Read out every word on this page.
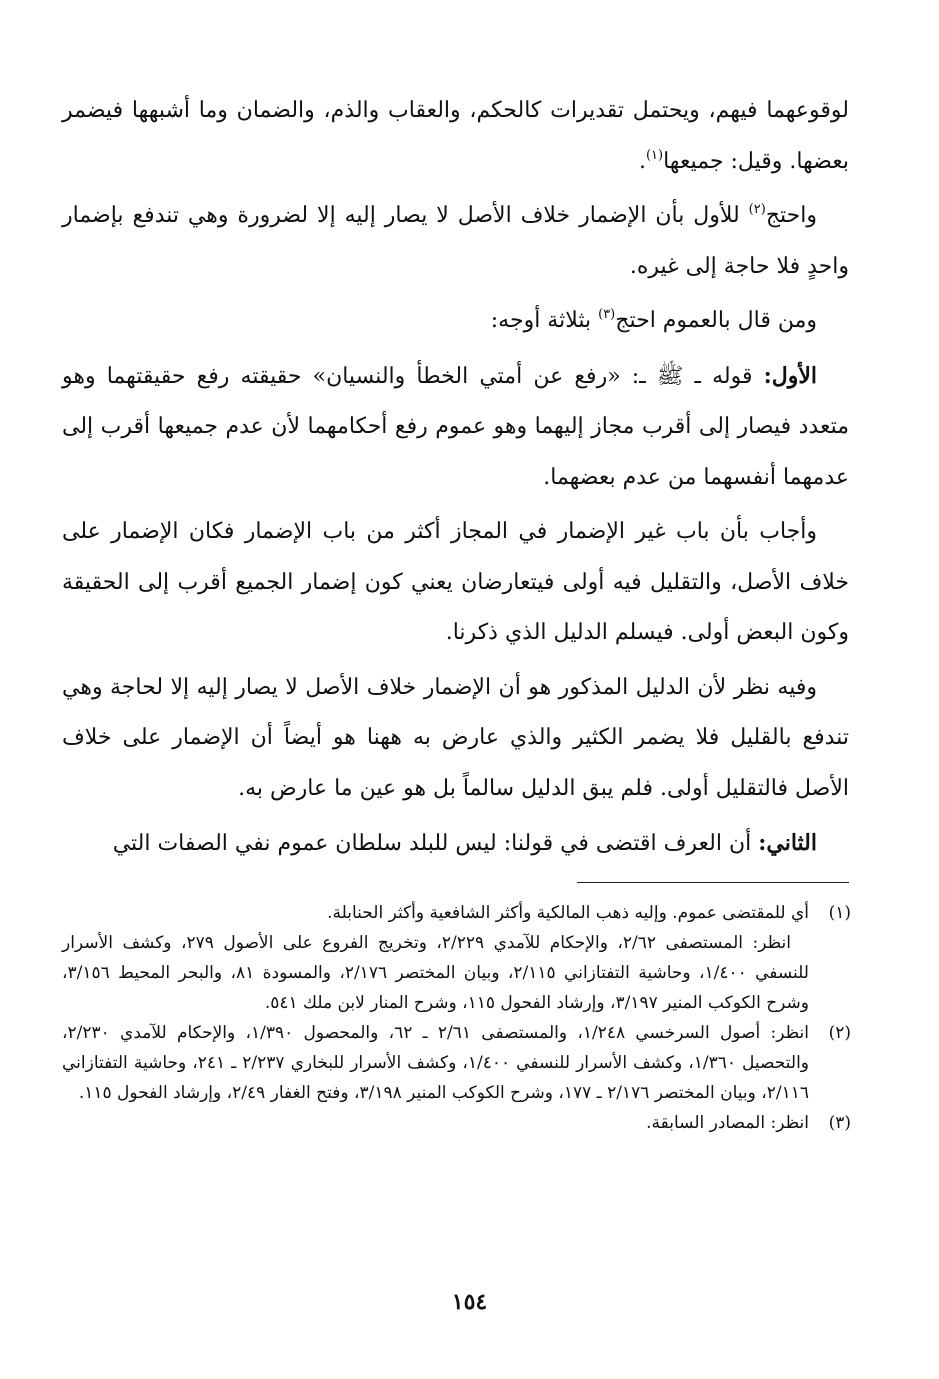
لوقوعهما فيهم، ويحتمل تقديرات كالحكم، والعقاب والذم، والضمان وما أشبهها فيضمر بعضها. وقيل: جميعها$^{(١)}$.

واحتج$^{(٢)}$ للأول بأن الإضمار خلاف الأصل لا يصار إليه إلا لضرورة وهي تندفع بإضمار واحدٍ فلا حاجة إلى غيره.

ومن قال بالعموم احتج$^{(٣)}$ بثلاثة أوجه:

الأول: قوله ـ ﷺ ـ: «رفع عن أمتي الخطأ والنسيان» حقيقته رفع حقيقتهما وهو متعدد فيصار إلى أقرب مجاز إليهما وهو عموم رفع أحكامهما لأن عدم جميعها أقرب إلى عدمهما أنفسهما من عدم بعضهما.

وأجاب بأن باب غير الإضمار في المجاز أكثر من باب الإضمار فكان الإضمار على خلاف الأصل، والتقليل فيه أولى فيتعارضان يعني كون إضمار الجميع أقرب إلى الحقيقة وكون البعض أولى. فيسلم الدليل الذي ذكرنا.

وفيه نظر لأن الدليل المذكور هو أن الإضمار خلاف الأصل لا يصار إليه إلا لحاجة وهي تندفع بالقليل فلا يضمر الكثير والذي عارض به ههنا هو أيضاً أن الإضمار على خلاف الأصل فالتقليل أولى. فلم يبق الدليل سالماً بل هو عين ما عارض به.

الثاني: أن العرف اقتضى في قولنا: ليس للبلد سلطان عموم نفي الصفات التي

(١)

أي للمقتضى عموم. وإليه ذهب المالكية وأكثر الشافعية وأكثر الحنابلة.

انظر: المستصفى ٢/٦٢، والإحكام للآمدي ٢/٢٢٩، وتخريج الفروع على الأصول ٢٧٩، وكشف الأسرار للنسفي ١/٤٠٠، وحاشية التفتازاني ٢/١١٥، وبيان المختصر ٢/١٧٦، والمسودة ٨١، والبحر المحيط ٣/١٥٦، وشرح الكوكب المنير ٣/١٩٧، وإرشاد الفحول ١١٥، وشرح المنار لابن ملك ٥٤١.

(٢)

انظر: أصول السرخسي ١/٢٤٨، والمستصفى ٢/٦١ ـ ٦٢، والمحصول ١/٣٩٠، والإحكام للآمدي ٢/٢٣٠، والتحصيل ١/٣٦٠، وكشف الأسرار للنسفي ١/٤٠٠، وكشف الأسرار للبخاري ٢/٢٣٧ ـ ٢٤١، وحاشية التفتازاني ٢/١١٦، وبيان المختصر ٢/١٧٦ ـ ١٧٧، وشرح الكوكب المنير ٣/١٩٨، وفتح الغفار ٢/٤٩، وإرشاد الفحول ١١٥.

(٣)

انظر: المصادر السابقة.

١٥٤
